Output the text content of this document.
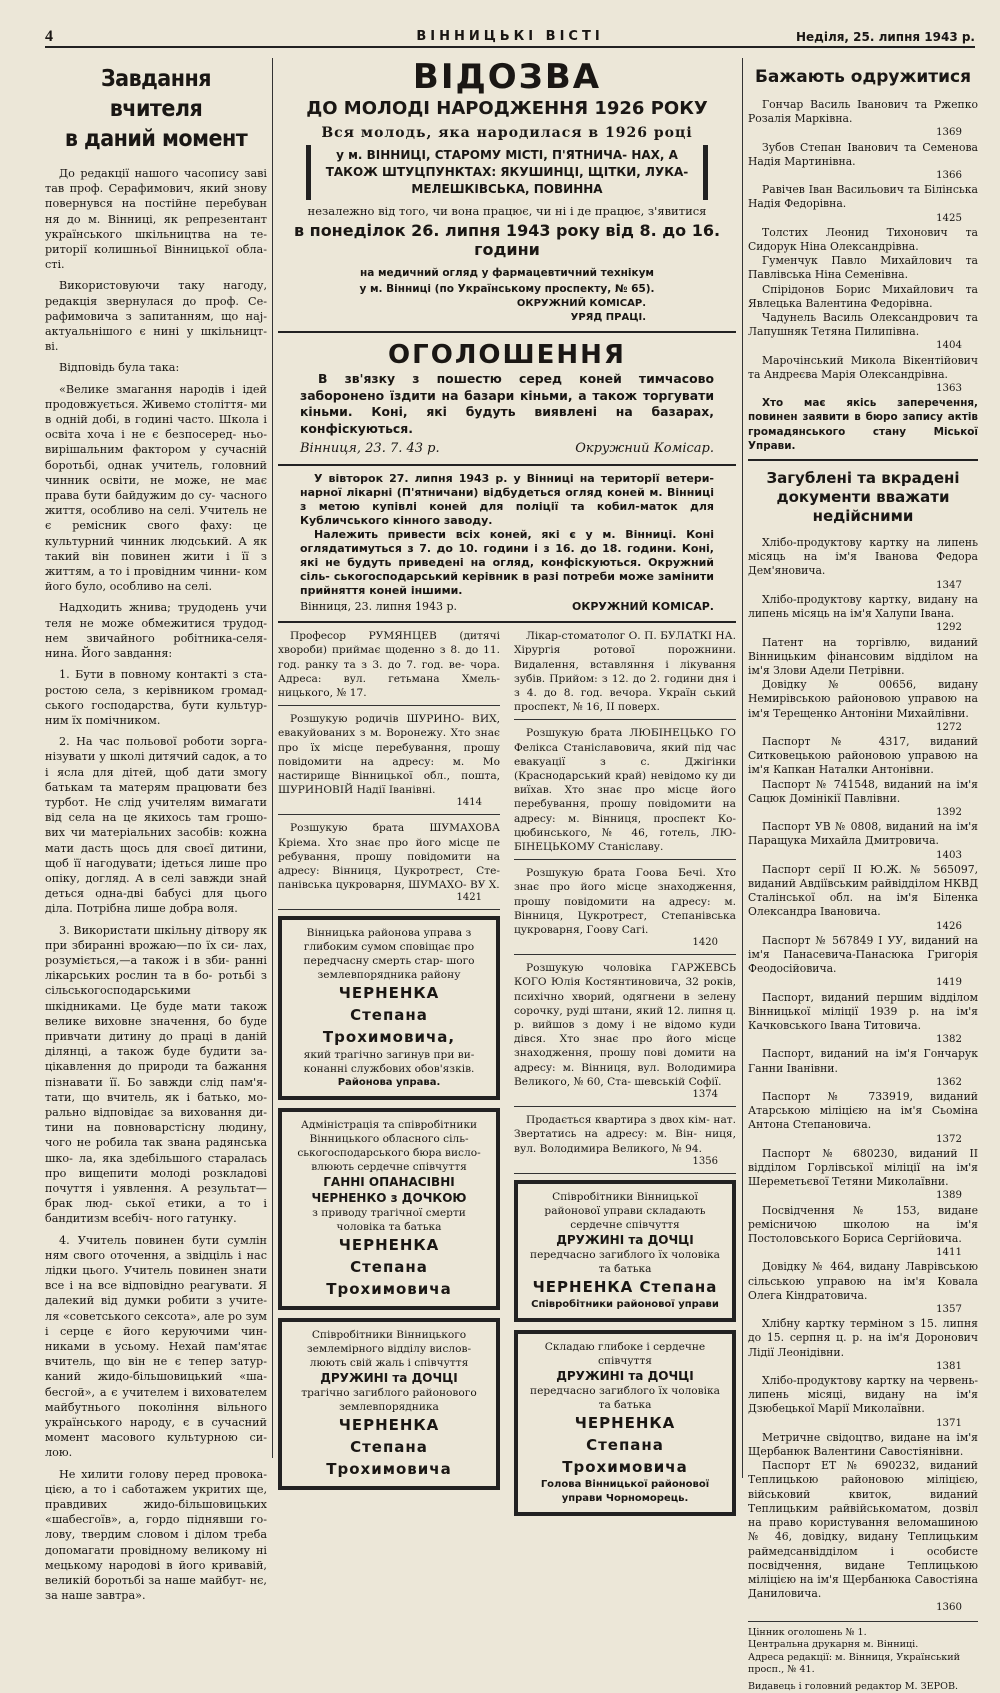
4	ВІННИЦЬКІ ВІСТІ	Неділя, 25. липня 1943 р.
Завдання вчителя
в даний момент

До редакції нашого часопису заві тав проф. Серафимович, який знову повернувся на постійне перебуван ня до м. Вінниці, як репрезентант українського шкільництва на те- риторії колишньої Вінницької обла- сті.

Використовуючи таку нагоду, редакція звернулася до проф. Се- рафимовича з запитанням, що нај- актуальнішого є нині у шкільницт- ві.

Відповідь була така:

«Велике змагання народів і ідей продовжується. Живемо століття- ми в одній добі, в годині часто. Школа і освіта хоча і не є безпосеред- ньо-вирішальним фактором у сучасній боротьбі, однак учитель, головний чинник освіти, не може, не має права бути байдужим до су- часного життя, особливо на селі. Учитель не є ремісник свого фаху: це культурний чинник людський. А як такий він повинен жити і її з життям, а то і провідним чинни- ком його було, особливо на селі.

Надходить жнива; трудодень учи теля не може обмежитися трудод- нем звичайного робітника-селя- нина. Його завдання:

1. Бути в повному контакті з ста- ростою села, з керівником громад- ського господарства, бути культур- ним їх помічником.

2. На час польової роботи зорга- нізувати у школі дитячий садок, а то і ясла для дітей, щоб дати змогу батькам та матерям працювати без турбот. Не слід учителям вимагати від села на це якихось там грошо- вих чи матеріальних засобів: кожна мати дасть щось для своєї дитини, щоб її нагодувати; ідеться лише про опіку, догляд. А в селі завжди знай деться одна-дві бабусі для цього діла. Потрібна лише добра воля.

3. Використати шкільну дітвору як при збиранні врожаю—по їх си- лах, розуміється,—а також і в зби- ранні лікарських рослин та в бо- ротьбі з сільськогосподарськими шкідниками. Це буде мати також велике виховне значення, бо буде привчати дитину до праці в даній ділянці, а також буде будити за- цікавлення до природи та бажання пізнавати її. Бо завжди слід пам'я- тати, що вчитель, як і батько, мо- рально відповідає за виховання ди- тини на повноварстісну людину, чого не робила так звана радянська шко- ла, яка здебільшого старалась про вищепити молоді розкладові почуття і уявлення. А результат—брак люд- ської етики, а то і бандитизм всебіч- ного гатунку.

4. Учитель повинен бути сумлін ням свого оточення, а звідціль і нас лідки цього. Учитель повинен знати все і на все відповідно реагувати. Я далекий від думки робити з учите- ля «советського сексота», але ро зум і серце є його керуючими чин- никами в усьому. Нехай пам'ятає вчитель, що він не є тепер затур- каний жидо-більшовицький «ша- бесгой», а є учителем і вихователем майбутнього покоління вільного українського народу, є в сучасний момент масового культурною си- лою.

Не хилити голову перед провока- цією, а то і саботажем укритих ще, правдивих жидо-більшовицьких «шабесгоїв», а, гордо піднявши го- лову, твердим словом і ділом треба допомагати провідному великому ні мецькому народові в його кривавій, великій боротьбі за наше майбут- нє, за наше завтра».

ВІДОЗВА
ДО МОЛОДІ НАРОДЖЕННЯ 1926 РОКУ
Вся молодь, яка народилася в 1926 році
у м. ВІННИЦІ, СТАРОМУ МІСТІ, П'ЯТНИЧА- НАХ, А ТАКОЖ ШТУЦПУНКТАХ: ЯКУШИНЦІ, ЩІТКИ, ЛУКА-МЕЛЕШКІВСЬКА, ПОВИННА

незалежно від того, чи вона працює, чи ні і де працює, з'явитися

в понеділок 26. липня 1943 року від 8. до 16. години
на медичний огляд у фармацевтичний технікум
у м. Вінниці (по Українському проспекту, № 65).
ОКРУЖНИЙ КОМІСАР.
УРЯД ПРАЦІ.
ОГОЛОШЕННЯ
В зв'язку з пошестю серед коней тимчасово заборонено їздити на базари кіньми, а також торгувати кіньми. Коні, які будуть виявлені на базарах, конфіскуються.
Вінниця, 23. 7. 43 р.	Окружний Комісар.
У вівторок 27. липня 1943 р. у Вінниці на території ветери- нарної лікарні (П'ятничани) відбудеться огляд коней м. Вінниці з метою купівлі коней для поліції та кобил-маток для Кубличського кінного заводу.
Належить привести всіх коней, які є у м. Вінниці. Коні оглядатимуться з 7. до 10. години і з 16. до 18. години. Коні, які не будуть приведені на огляд, конфіскуються. Окружний сіль- ськогосподарський керівник в разі потреби може замінити прийняття коней іншими.
Вінниця, 23. липня 1943 р.	ОКРУЖНИЙ КОМІСАР.
Професор РУМЯНЦЕВ (дитячі хвороби) приймає щоденно з 8. до 11. год. ранку та з 3. до 7. год. ве- чора. Адреса: вул. гетьмана Хмель- ницького, № 17.
Розшукую родичів ШУРИНО- ВИХ, евакуйованих з м. Воронежу. Хто знає про їх місце перебування, прошу повідомити на адресу: м. Мо настирище Вінницької обл., пошта, ШУРИНОВІЙ Надії Іванівні.
1414
Розшукую брата ШУМАХОВА Кріема. Хто знає про його місце пе ребування, прошу повідомити на адресу: Вінниця, Цукротрест, Сте- панівська цукроварня, ШУМАХО- ВУ Х.
1421
Вінницька районова управа з глибоким сумом сповіщає про передчасну смерть стар- шого землевпорядника району
ЧЕРНЕНКА
Степана Трохимовича,
який трагічно загинув при ви- конанні службових обов'язків.
Районова управа.
Адміністрація та співробітники Вінницького обласного сіль- ськогосподарського бюра висло- влюють сердечне співчуття
ГАННІ ОПАНАСІВНІ
ЧЕРНЕНКО з ДОЧКОЮ
з приводу трагічної смерти чоловіка та батька
ЧЕРНЕНКА
Степана Трохимовича
Співробітники Вінницького землемірного відділу вислов- люють свій жаль і співчуття
ДРУЖИНІ та ДОЧЦІ
трагічно загиблого районового землевпорядника
ЧЕРНЕНКА
Степана Трохимовича
Лікар-стоматолог О. П. БУЛАТКІ НА. Хірургія ротової порожнини. Видалення, вставляння і лікування зубів. Прийом: з 12. до 2. години дня і з 4. до 8. год. вечора. Україн ський проспект, № 16, II поверх.
Розшукую брата ЛЮБІНЕЦЬКО ГО Фелікса Станіславовича, який під час евакуації з с. Джігінки (Краснодарський край) невідомо ку ди виїхав. Хто знає про місце його перебування, прошу повідомити на адресу: м. Вінниця, проспект Ко- цюбинського, № 46, готель, ЛЮ- БІНЕЦЬКОМУ Станіславу.
Розшукую брата Гоова Бечі. Хто знає про його місце знаходження, прошу повідомити на адресу: м. Вінниця, Цукротрест, Степанівська цукроварня, Гоову Сагі.
1420
Розшукую чоловіка ГАРЖЕВСЬ КОГО Юлія Костянтиновича, 32 років, психічно хворий, одягнени в зелену сорочку, руді штани, який 12. липня ц. р. вийшов з дому і не відомо куди дівся. Хто знає про його місце знаходження, прошу пові домити на адресу: м. Вінниця, вул. Володимира Великого, № 60, Ста- шевській Софії.
1374
Продається квартира з двох кім- нат. Звертатись на адресу: м. Він- ниця, вул. Володимира Великого, № 94.
1356
Співробітники Вінницької районової управи складають сердечне співчуття
ДРУЖИНІ та ДОЧЦІ
передчасно загиблого їх чоловіка та батька
ЧЕРНЕНКА Степана
Співробітники районової управи
Складаю глибоке і сердечне співчуття
ДРУЖИНІ та ДОЧЦІ
передчасно загиблого їх чоловіка та батька
ЧЕРНЕНКА
Степана Трохимовича
Голова Вінницької районової управи Чорноморець.
Бажають одружитися
Гончар Василь Іванович та Ржепко Розалія Марківна.
1369
Зубов Степан Іванович та Семенова Надія Мартинівна.
1366
Равічев Іван Васильович та Білінська Надія Федорівна.
1425
Толстих Леонид Тихонович та Сидорук Ніна Олександрівна.
Гуменчук Павло Михайлович та Павлівська Ніна Семенівна.
Спірідонов Борис Михайлович та Явлецька Валентина Федорівна.
Чадунель Василь Олександрович та Лапушняк Тетяна Пилипівна.
1404
Марочінський Микола Вікентійович та Андреєва Марія Олександрівна.
1363
Хто має якісь заперечення, повинен заявити в бюро запису актів громадянського стану Міської Управи.
Загублені та вкрадені документи вважати недійсними
Хлібо-продуктову картку на липень місяць на ім'я Іванова Федора Дем'яновича.
1347
Хлібо-продуктову картку, видану на липень місяць на ім'я Халупи Івана.
1292
Патент на торгівлю, виданий Вінницьким фінансовим відділом на ім'я Злови Адели Петрівни.
Довідку № 00656, видану Немирівською районовою управою на ім'я Терещенко Антоніни Михайлівни.
1272
Паспорт № 4317, виданий Ситковецькою районовою управою на ім'я Капкан Наталки Антонівни.
Паспорт № 741548, виданий на ім'я Сацюк Домінікії Павлівни.
1392
Паспорт УВ № 0808, виданий на ім'я Паращука Михайла Дмитровича.
1403
Паспорт серії II Ю.Ж. № 565097, виданий Авдіївським райвідділом НКВД Сталінської обл. на ім'я Біленка Олександра Івановича.
1426
Паспорт № 567849 I УУ, виданий на ім'я Панасевича-Панасюка Григорія Феодосійовича.
1419
Паспорт, виданий першим відділом Вінницької міліції 1939 р. на ім'я Качковського Івана Титовича.
1382
Паспорт, виданий на ім'я Гончарук Ганни Іванівни.
1362
Паспорт № 733919, виданий Атарською міліцією на ім'я Сьоміна Антона Степановича.
1372
Паспорт № 680230, виданий II відділом Горлівської міліції на ім'я Шереметьєвої Тетяни Миколаївни.
1389
Посвідчення № 153, видане ремісничою школою на ім'я Постоловського Бориса Сергійовича.
1411
Довідку № 464, видану Лаврівською сільською управою на ім'я Ковала Олега Кіндратовича.
1357
Хлібну картку терміном з 15. липня до 15. серпня ц. р. на ім'я Доронович Лідії Леонідівни.
1381
Хлібо-продуктову картку на червень-липень місяці, видану на ім'я Дзюбецької Марії Миколаївни.
1371
Метричне свідоцтво, видане на ім'я Щербанюк Валентини Савостіянівни.
Паспорт ЕТ № 690232, виданий Теплицькою районовою міліцією, військовий квиток, виданий Теплицьким райвійськоматом, дозвіл на право користування веломашиною № 46, довідку, видану Теплицьким раймедсанвідділом і особисте посвідчення, видане Теплицькою міліцією на ім'я Щербанюка Савостіяна Даниловича.
1360
Цінник оголошень № 1.
Центральна друкарня м. Вінниці.
Адреса редакції: м. Вінниця, Український просп., № 41.
Видавець і головний редактор М. ЗЕРОВ.
